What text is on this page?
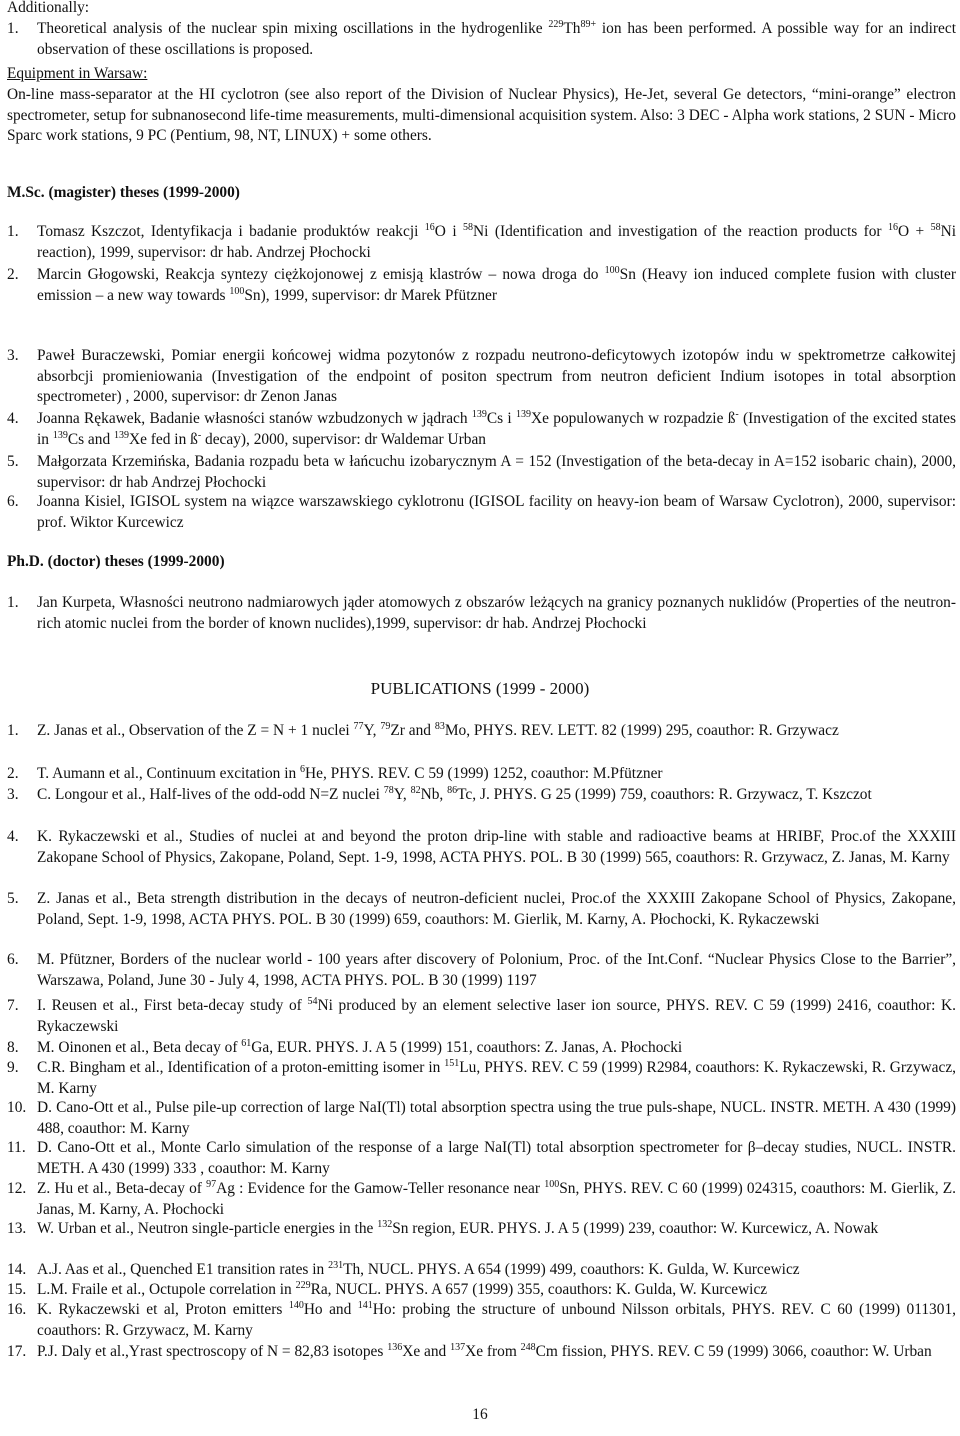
Additionally:

1. Theoretical analysis of the nuclear spin mixing oscillations in the hydrogenlike $^{229}Th^{89+}$ ion has been performed. A possible way for an indirect observation of these oscillations is proposed.

Equipment in Warsaw:

On-line mass-separator at the HI cyclotron (see also report of the Division of Nuclear Physics), He-Jet, several Ge detectors, “mini-orange” electron spectrometer, setup for subnanosecond life-time measurements, multi-dimensional acquisition system. Also: 3 DEC - Alpha work stations, 2 SUN - Micro Sparc work stations, 9 PC (Pentium, 98, NT, LINUX) + some others.

M.Sc. (magister) theses (1999-2000)

1. Tomasz Kszczot, Identyfikacja i badanie produktów reakcji $^{16}$O i $^{58}$Ni (Identification and investigation of the reaction products for $^{16}$O + $^{58}$Ni reaction), 1999, supervisor: dr hab. Andrzej Płochocki
2. Marcin Głogowski, Reakcja syntezy ciężkojonowej z emisją klastrów – nowa droga do $^{100}$Sn (Heavy ion induced complete fusion with cluster emission – a new way towards $^{100}$Sn), 1999, supervisor: dr Marek Pfützner
3. Paweł Buraczewski, Pomiar energii końcowej widma pozytonów z rozpadu neutrono-deficytowych izotopów indu w spektrometrze całkowitej absorbcji promieniowania (Investigation of the endpoint of positon spectrum from neutron deficient Indium isotopes in total absorption spectrometer) , 2000, supervisor: dr Zenon Janas
4. Joanna Rękawek, Badanie własności stanów wzbudzonych w jądrach $^{139}$Cs i $^{139}$Xe populowanych w rozpadzie ß- (Investigation of the excited states in $^{139}$Cs and $^{139}$Xe fed in ß- decay), 2000, supervisor: dr Waldemar Urban
5. Małgorzata Krzemińska, Badania rozpadu beta w łańcuchu izobarycznym A = 152 (Investigation of the beta-decay in A=152 isobaric chain), 2000, supervisor: dr hab Andrzej Płochocki
6. Joanna Kisiel, IGISOL system na wiązce warszawskiego cyklotronu (IGISOL facility on heavy-ion beam of Warsaw Cyclotron), 2000, supervisor: prof. Wiktor Kurcewicz

Ph.D. (doctor) theses (1999-2000)

1. Jan Kurpeta, Własności neutrono nadmiarowych jąder atomowych z obszarów leżących na granicy poznanych nuklidów (Properties of the neutron-rich atomic nuclei from the border of known nuclides),1999, supervisor: dr hab. Andrzej Płochocki

PUBLICATIONS (1999 - 2000)

1. Z. Janas et al., Observation of the Z = N + 1 nuclei $^{77}$Y, $^{79}$Zr and $^{83}$Mo, PHYS. REV. LETT. 82 (1999) 295, coauthor: R. Grzywacz
2. T. Aumann et al., Continuum excitation in $^6$He, PHYS. REV. C 59 (1999) 1252, coauthor: M.Pfützner
3. C. Longour et al., Half-lives of the odd-odd N=Z nuclei $^{78}$Y, $^{82}$Nb, $^{86}$Tc, J. PHYS. G 25 (1999) 759, coauthors: R. Grzywacz, T. Kszczot
4. K. Rykaczewski et al., Studies of nuclei at and beyond the proton drip-line with stable and radioactive beams at HRIBF, Proc.of the XXXIII Zakopane School of Physics, Zakopane, Poland, Sept. 1-9, 1998, ACTA PHYS. POL. B 30 (1999) 565, coauthors: R. Grzywacz, Z. Janas, M. Karny
5. Z. Janas et al., Beta strength distribution in the decays of neutron-deficient nuclei, Proc.of the XXXIII Zakopane School of Physics, Zakopane, Poland, Sept. 1-9, 1998, ACTA PHYS. POL. B 30 (1999) 659, coauthors: M. Gierlik, M. Karny, A. Płochocki, K. Rykaczewski
6. M. Pfützner, Borders of the nuclear world - 100 years after discovery of Polonium, Proc. of the Int.Conf. “Nuclear Physics Close to the Barrier”, Warszawa, Poland, June 30 - July 4, 1998, ACTA PHYS. POL. B 30 (1999) 1197
7. I. Reusen et al., First beta-decay study of $^{54}$Ni produced by an element selective laser ion source, PHYS. REV. C 59 (1999) 2416, coauthor: K. Rykaczewski
8. M. Oinonen et al., Beta decay of $^{61}$Ga, EUR. PHYS. J. A 5 (1999) 151, coauthors: Z. Janas, A. Płochocki
9. C.R. Bingham et al., Identification of a proton-emitting isomer in $^{151}$Lu, PHYS. REV. C 59 (1999) R2984, coauthors: K. Rykaczewski, R. Grzywacz, M. Karny
10. D. Cano-Ott et al., Pulse pile-up correction of large NaI(Tl) total absorption spectra using the true puls-shape, NUCL. INSTR. METH. A 430 (1999) 488, coauthor: M. Karny
11. D. Cano-Ott et al., Monte Carlo simulation of the response of a large NaI(Tl) total absorption spectrometer for β–decay studies, NUCL. INSTR. METH. A 430 (1999) 333 , coauthor: M. Karny
12. Z. Hu et al., Beta-decay of $^{97}$Ag : Evidence for the Gamow-Teller resonance near $^{100}$Sn, PHYS. REV. C 60 (1999) 024315, coauthors: M. Gierlik, Z. Janas, M. Karny, A. Płochocki
13. W. Urban et al., Neutron single-particle energies in the $^{132}$Sn region, EUR. PHYS. J. A 5 (1999) 239, coauthor: W. Kurcewicz, A. Nowak
14. A.J. Aas et al., Quenched E1 transition rates in $^{231}$Th, NUCL. PHYS. A 654 (1999) 499, coauthors: K. Gulda, W. Kurcewicz
15. L.M. Fraile et al., Octupole correlation in $^{229}$Ra, NUCL. PHYS. A 657 (1999) 355, coauthors: K. Gulda, W. Kurcewicz
16. K. Rykaczewski et al, Proton emitters $^{140}$Ho and $^{141}$Ho: probing the structure of unbound Nilsson orbitals, PHYS. REV. C 60 (1999) 011301, coauthors: R. Grzywacz, M. Karny
17. P.J. Daly et al.,Yrast spectroscopy of N = 82,83 isotopes $^{136}$Xe and $^{137}$Xe from $^{248}$Cm fission, PHYS. REV. C 59 (1999) 3066, coauthor: W. Urban

16
